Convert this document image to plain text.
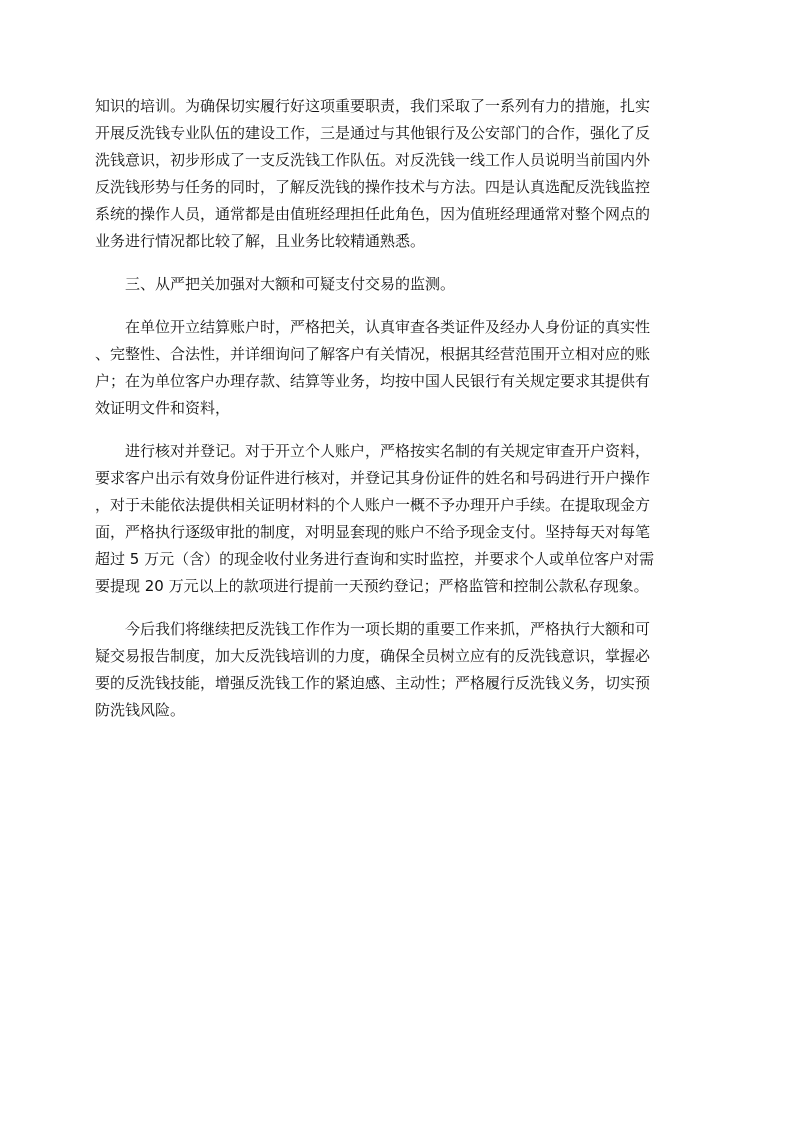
知识的培训。为确保切实履行好这项重要职责，我们采取了一系列有力的措施，扎实
开展反洗钱专业队伍的建设工作，三是通过与其他银行及公安部门的合作，强化了反
洗钱意识，初步形成了一支反洗钱工作队伍。对反洗钱一线工作人员说明当前国内外
反洗钱形势与任务的同时，了解反洗钱的操作技术与方法。四是认真选配反洗钱监控
系统的操作人员，通常都是由值班经理担任此角色，因为值班经理通常对整个网点的
业务进行情况都比较了解，且业务比较精通熟悉。

三、从严把关加强对大额和可疑支付交易的监测。

在单位开立结算账户时，严格把关，认真审查各类证件及经办人身份证的真实性
、完整性、合法性，并详细询问了解客户有关情况，根据其经营范围开立相对应的账
户；在为单位客户办理存款、结算等业务，均按中国人民银行有关规定要求其提供有
效证明文件和资料，

进行核对并登记。对于开立个人账户，严格按实名制的有关规定审查开户资料，
要求客户出示有效身份证件进行核对，并登记其身份证件的姓名和号码进行开户操作
，对于未能依法提供相关证明材料的个人账户一概不予办理开户手续。在提取现金方
面，严格执行逐级审批的制度，对明显套现的账户不给予现金支付。坚持每天对每笔
超过 5 万元（含）的现金收付业务进行查询和实时监控，并要求个人或单位客户对需
要提现 20 万元以上的款项进行提前一天预约登记；严格监管和控制公款私存现象。

今后我们将继续把反洗钱工作作为一项长期的重要工作来抓，严格执行大额和可
疑交易报告制度，加大反洗钱培训的力度，确保全员树立应有的反洗钱意识，掌握必
要的反洗钱技能，增强反洗钱工作的紧迫感、主动性；严格履行反洗钱义务，切实预
防洗钱风险。
